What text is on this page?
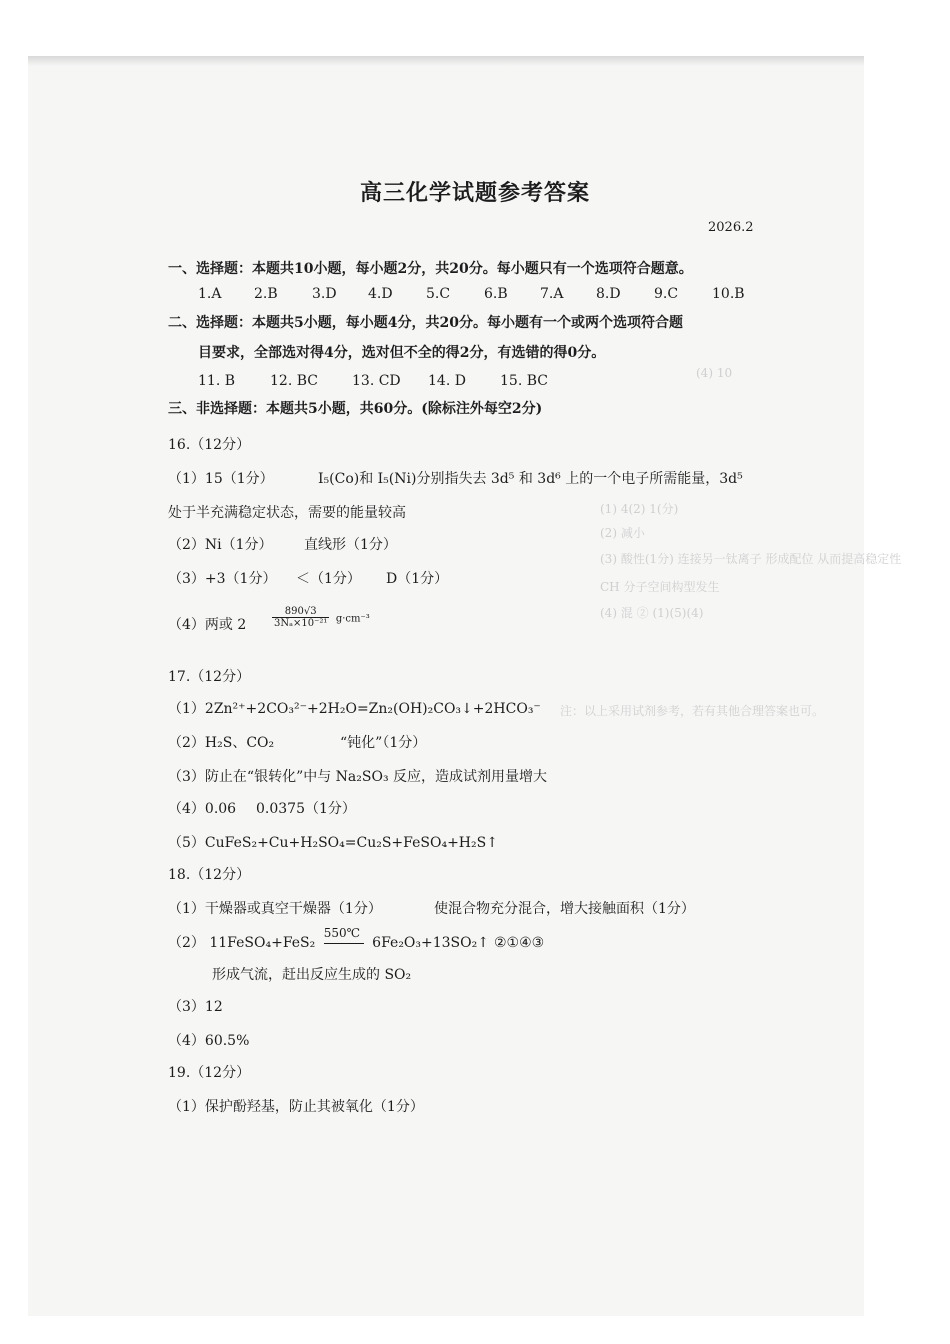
(4) 10
注：以上采用试剂参考，若有其他合理答案也可。
(1) 4(2) 1(分)
(2) 减小
(3) 酸性(1分) 连接另一钛离子 形成配位 从而提高稳定性
CH 分子空间构型发生
(4) 混 ② (1)(5)(4)
高三化学试题参考答案
2026.2
一、选择题：本题共10小题，每小题2分，共20分。每小题只有一个选项符合题意。
1.A 2.B 3.D 4.D 5.C 6.B 7.A 8.D 9.C 10.B
二、选择题：本题共5小题，每小题4分，共20分。每小题有一个或两个选项符合题
目要求，全部选对得4分，选对但不全的得2分，有选错的得0分。
11. B 12. BC 13. CD 14. D 15. BC
三、非选择题：本题共5小题，共60分。(除标注外每空2分)
16.（12分）
（1）15（1分）	I₅(Co)和 I₅(Ni)分别指失去 3d⁵ 和 3d⁶ 上的一个电子所需能量，3d⁵
处于半充满稳定状态，需要的能量较高
（2）Ni（1分） 直线形（1分）
（3）+3（1分） ＜（1分） D（1分）
（4）两或 2	$\frac{890√3}{\text{3Nₐ×10⁻²¹}} g\cdot cm^{-3}$
17.（12分）
（1）2Zn²⁺+2CO₃²⁻+2H₂O=Zn₂(OH)₂CO₃↓+2HCO₃⁻
（2）H₂S、CO₂	“钝化”（1分）
（3）防止在“银转化”中与 Na₂SO₃ 反应，造成试剂用量增大
（4）0.06 0.0375（1分）
（5）CuFeS₂+Cu+H₂SO₄=Cu₂S+FeSO₄+H₂S↑
18.（12分）
（1）干燥器或真空干燥器（1分）	使混合物充分混合，增大接触面积（1分）
（2） 11FeSO₄+FeS₂
550℃
6Fe₂O₃+13SO₂↑ ②①④③
形成气流，赶出反应生成的 SO₂
（3）12
（4）60.5%
19.（12分）
（1）保护酚羟基，防止其被氧化（1分）
